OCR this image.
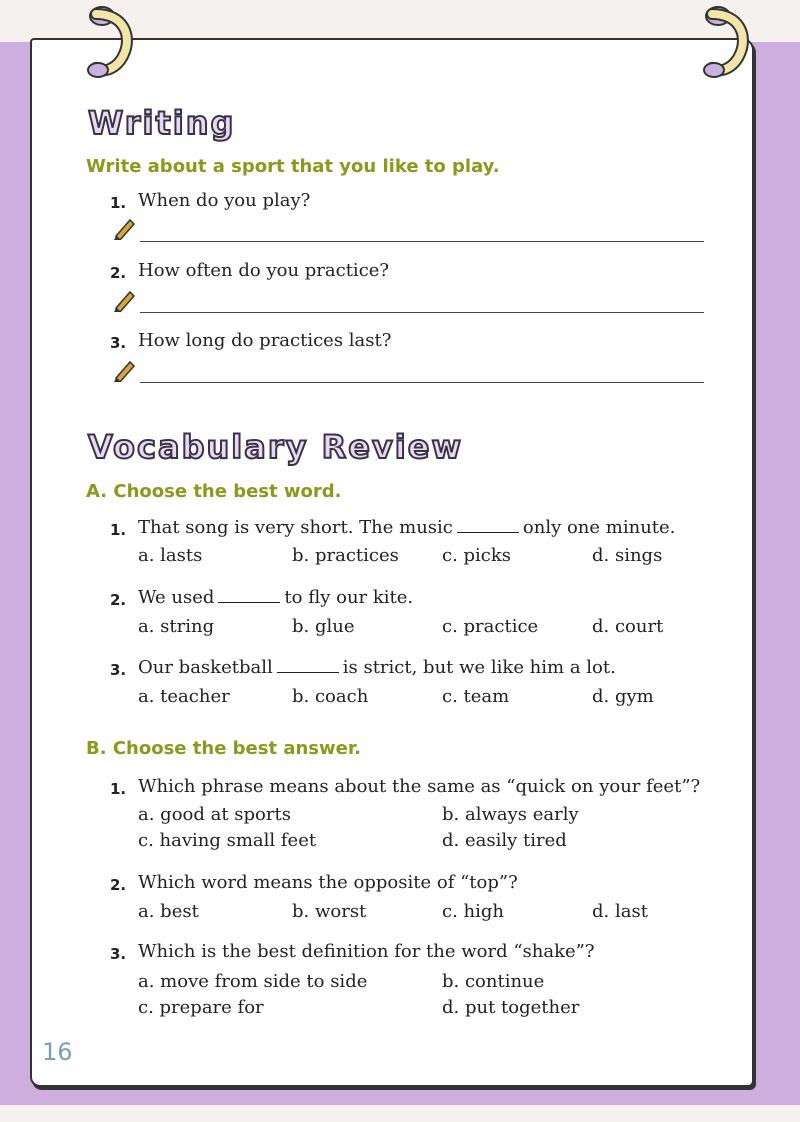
Writing
Write about a sport that you like to play.
1. When do you play?
2. How often do you practice?
3. How long do practices last?
Vocabulary Review
A. Choose the best word.
1. That song is very short. The music	only one minute.
a. lasts	b. practices c. picks	d. sings
2. We used	to fly our kite.
a. string	b. glue	c. practice	d. court
3. Our basketball	is strict, but we like him a lot.
a. teacher	b. coach	c. team	d. gym
B. Choose the best answer.
1. Which phrase means about the same as “quick on your feet”?
a. good at sports	b. always early
c. having small feet	d. easily tired
2. Which word means the opposite of “top”?
a. best	b. worst	c. high	d. last
3. Which is the best definition for the word “shake”?
a. move from side to side	b. continue
c. prepare for	d. put together
16
